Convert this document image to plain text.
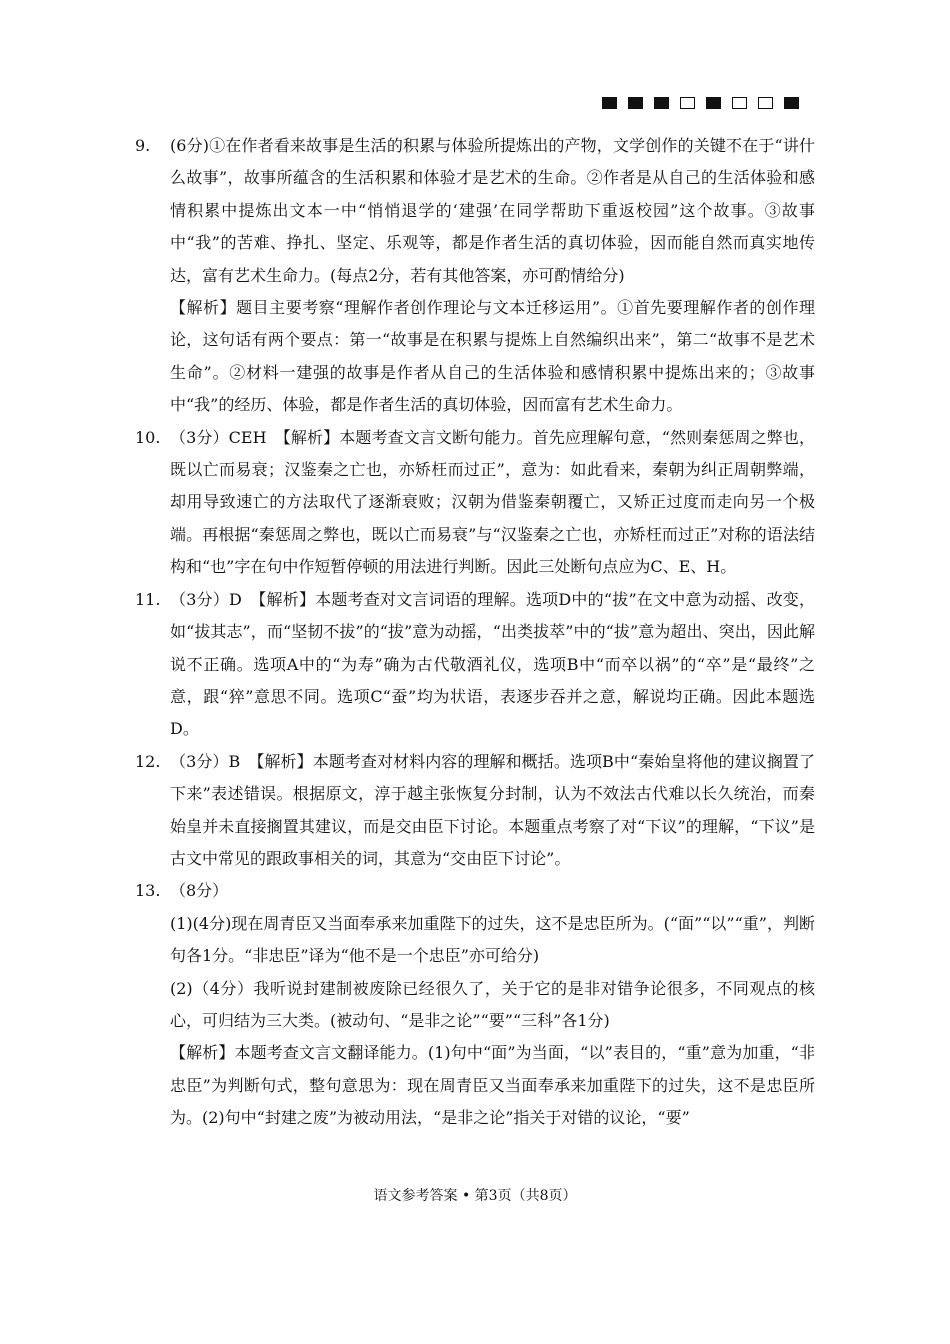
9.	(6分)①在作者看来故事是生活的积累与体验所提炼出的产物，文学创作的关键不在于“讲什么故事”，故事所蕴含的生活积累和体验才是艺术的生命。②作者是从自己的生活体验和感情积累中提炼出文本一中“悄悄退学的‘建强’在同学帮助下重返校园”这个故事。③故事中“我”的苦难、挣扎、坚定、乐观等，都是作者生活的真切体验，因而能自然而真实地传达，富有艺术生命力。(每点2分，若有其他答案，亦可酌情给分)

【解析】题目主要考察“理解作者创作理论与文本迁移运用”。①首先要理解作者的创作理论，这句话有两个要点：第一“故事是在积累与提炼上自然编织出来”，第二“故事不是艺术生命”。②材料一建强的故事是作者从自己的生活体验和感情积累中提炼出来的；③故事中“我”的经历、体验，都是作者生活的真切体验，因而富有艺术生命力。

10. （3分）CEH　【解析】本题考查文言文断句能力。首先应理解句意，“然则秦惩周之弊也，既以亡而易衰；汉鉴秦之亡也，亦矫枉而过正”，意为：如此看来，秦朝为纠正周朝弊端，却用导致速亡的方法取代了逐渐衰败；汉朝为借鉴秦朝覆亡，又矫正过度而走向另一个极端。再根据“秦惩周之弊也，既以亡而易衰”与“汉鉴秦之亡也，亦矫枉而过正”对称的语法结构和“也”字在句中作短暂停顿的用法进行判断。因此三处断句点应为C、E、H。

11. （3分）D　【解析】本题考查对文言词语的理解。选项D中的“拔”在文中意为动摇、改变，如“拔其志”，而“坚韧不拔”的“拔”意为动摇，“出类拔萃”中的“拔”意为超出、突出，因此解说不正确。选项A中的“为寿”确为古代敬酒礼仪，选项B中“而卒以祸”的“卒”是“最终”之意，跟“猝”意思不同。选项C“蚕”均为状语，表逐步吞并之意，解说均正确。因此本题选D。

12. （3分）B　【解析】本题考查对材料内容的理解和概括。选项B中“秦始皇将他的建议搁置了下来”表述错误。根据原文，淳于越主张恢复分封制，认为不效法古代难以长久统治，而秦始皇并未直接搁置其建议，而是交由臣下讨论。本题重点考察了对“下议”的理解，“下议”是古文中常见的跟政事相关的词，其意为“交由臣下讨论”。

13. （8分）

(1)(4分)现在周青臣又当面奉承来加重陛下的过失，这不是忠臣所为。(“面”“以”“重”，判断句各1分。“非忠臣”译为“他不是一个忠臣”亦可给分)

(2)（4分）我听说封建制被废除已经很久了，关于它的是非对错争论很多，不同观点的核心，可归结为三大类。(被动句、“是非之论”“要”“三科”各1分)

【解析】本题考查文言文翻译能力。(1)句中“面”为当面，“以”表目的，“重”意为加重，“非忠臣”为判断句式，整句意思为：现在周青臣又当面奉承来加重陛下的过失，这不是忠臣所为。(2)句中“封建之废”为被动用法，“是非之论”指关于对错的议论，“要”

语文参考答案 • 第3页（共8页）
